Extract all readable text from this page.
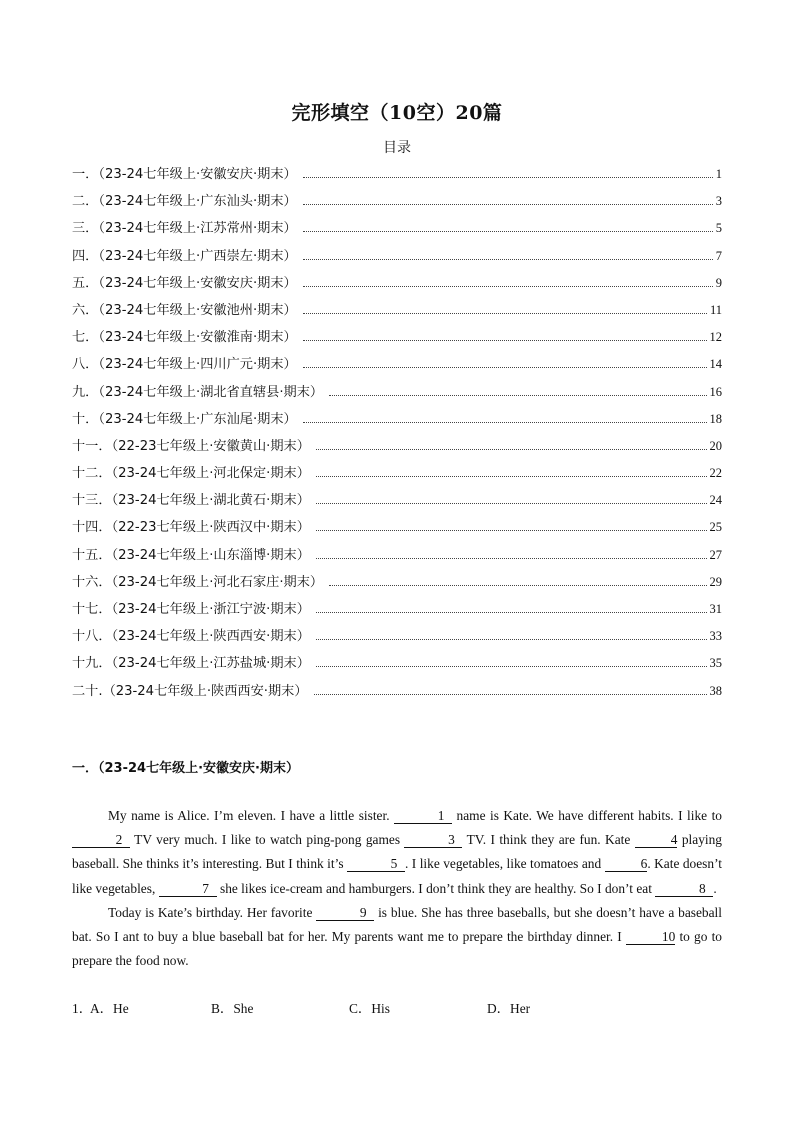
完形填空（10空）20篇
目录
一．（23-24七年级上·安徽安庆·期末）	1
二．（23-24七年级上·广东汕头·期末）	3
三．（23-24七年级上·江苏常州·期末）	5
四．（23-24七年级上·广西崇左·期末）	7
五．（23-24七年级上·安徽安庆·期末）	9
六．（23-24七年级上·安徽池州·期末）	11
七．（23-24七年级上·安徽淮南·期末）	12
八．（23-24七年级上·四川广元·期末）	14
九．（23-24七年级上·湖北省直辖县·期末）	16
十．（23-24七年级上·广东汕尾·期末）	18
十一．（22-23七年级上·安徽黄山·期末）	20
十二．（23-24七年级上·河北保定·期末）	22
十三．（23-24七年级上·湖北黄石·期末）	24
十四．（22-23七年级上·陕西汉中·期末）	25
十五．（23-24七年级上·山东淄博·期末）	27
十六．（23-24七年级上·河北石家庄·期末）	29
十七．（23-24七年级上·浙江宁波·期末）	31
十八．（23-24七年级上·陕西西安·期末）	33
十九．（23-24七年级上·江苏盐城·期末）	35
二十.（23-24七年级上·陕西西安·期末）	38
一．（23-24七年级上·安徽安庆·期末）

My name is Alice. I’m eleven. I have a little sister.	1 name is Kate. We have different habits. I like to 2 TV very much. I like to watch ping-pong games	3 TV. I think they are fun. Kate	4 playing baseball. She thinks it’s interesting. But I think it’s	5 . I like vegetables, like tomatoes and	6. Kate doesn’t like vegetables,	7 she likes ice-cream and hamburgers. I don’t think they are healthy. So I don’t eat	8 .

Today is Kate’s birthday. Her favorite	9 is blue. She has three baseballs, but she doesn’t have a baseball bat. So I ant to buy a blue baseball bat for her. My parents want me to prepare the birthday dinner. I	10 to go to prepare the food now.

1．
A．He	B．She	C．His	D．Her
